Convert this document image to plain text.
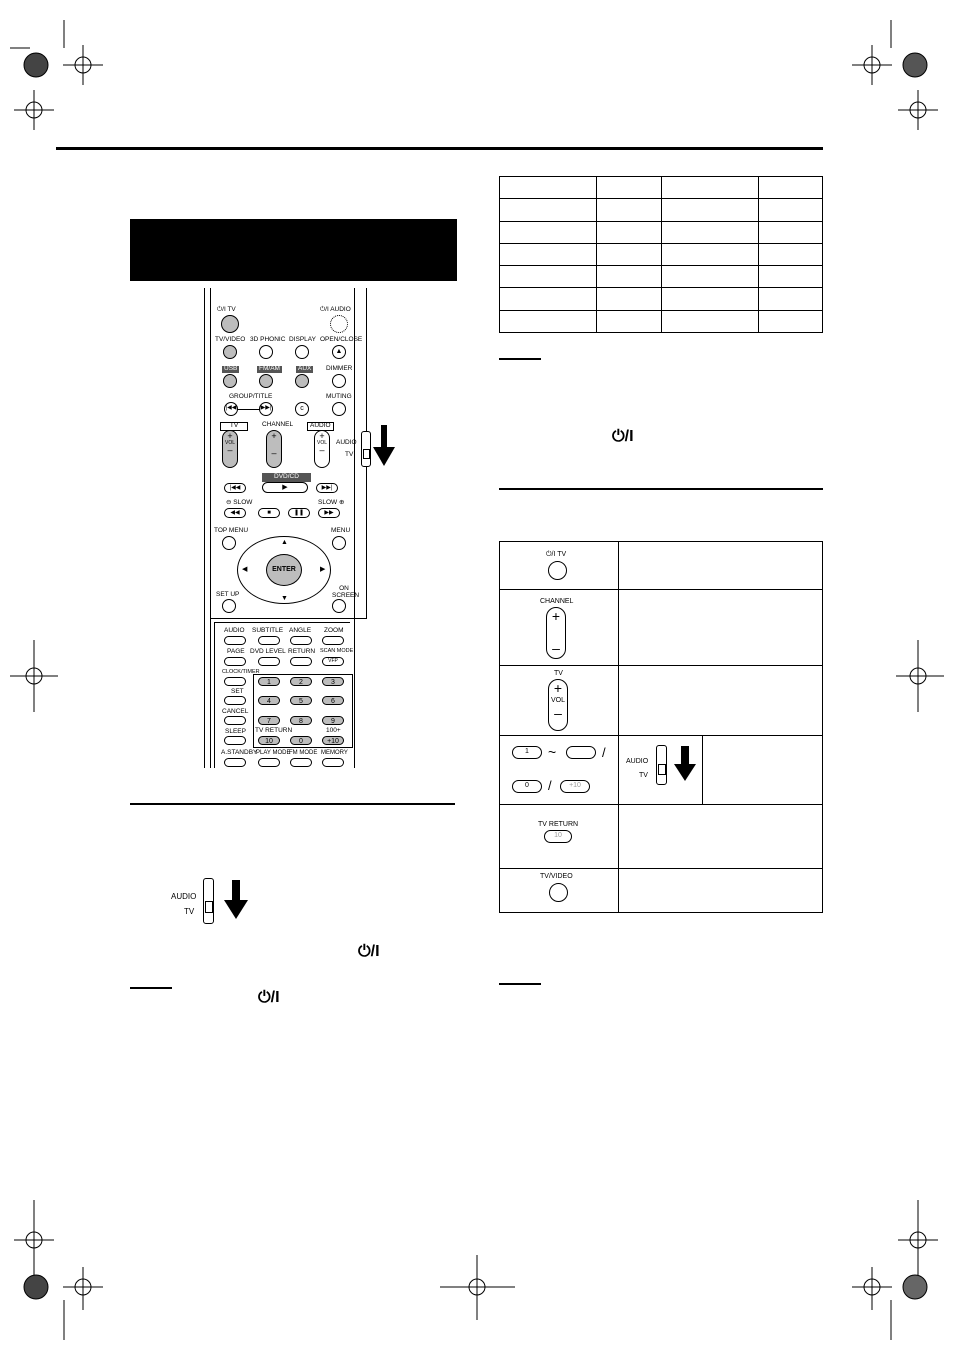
⏻/I TV	⏻/I AUDIO
TV/VIDEO 3D PHONIC DISPLAY OPEN/CLOSE
▲
USB	FM/AM	AUX	DIMMER
GROUP/TITLE	MUTING
|◀◀	▶▶|	c
TV	CHANNEL	AUDIO
+
VOL
–
+
–
+
VOL
–
AUDIO
TV
DVD/CD
▶
|◀◀	▶▶|
⊖ SLOW	SLOW ⊕
◀◀	■	❚❚	▶▶
TOP MENU	MENU
ENTER
▲
▼
◀	▶
SET UP
ON SCREEN
AUDIO SUBTITLE ANGLE ZOOM
PAGE DVD LEVEL RETURN SCAN MODE
VFP
CLOCK/TIMER
SET
CANCEL
SLEEP
A.STANDBY
1	2	3
4	5	6
7	8	9
TV RETURN	100+
10	0	+10
PLAY MODE
FM MODE MEMORY
AUDIO
TV
⏻/I
⏻/I

⏻/I
⏻/I TV
CHANNEL
+

–
TV
+
VOL
–
1	~	/
0	/	+10
AUDIO
TV
TV RETURN
10
TV/VIDEO
